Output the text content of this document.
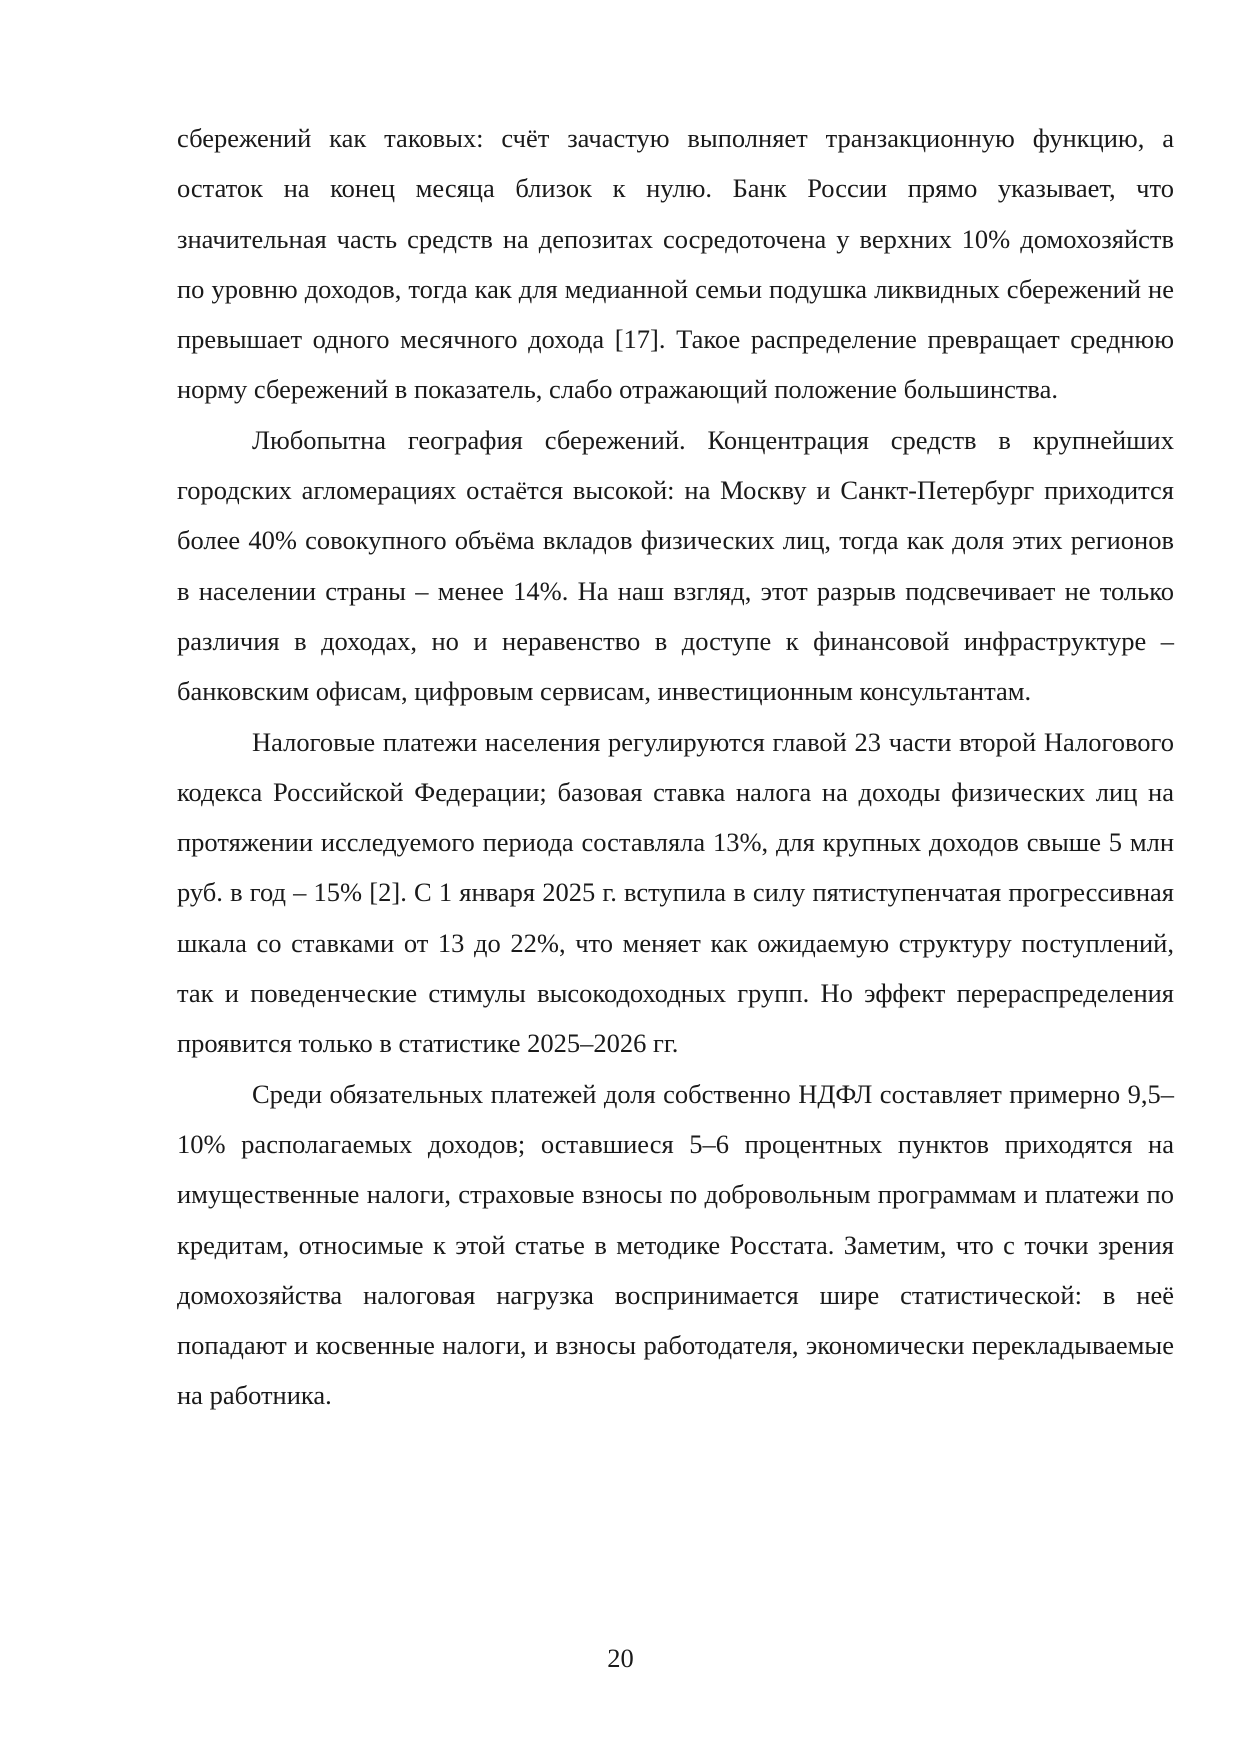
сбережений как таковых: счёт зачастую выполняет транзакционную функцию, а остаток на конец месяца близок к нулю. Банк России прямо указывает, что значительная часть средств на депозитах сосредоточена у верхних 10% домохозяйств по уровню доходов, тогда как для медианной семьи подушка ликвидных сбережений не превышает одного месячного дохода [17]. Такое распределение превращает среднюю норму сбережений в показатель, слабо отражающий положение большинства.

Любопытна география сбережений. Концентрация средств в крупнейших городских агломерациях остаётся высокой: на Москву и Санкт-Петербург приходится более 40% совокупного объёма вкладов физических лиц, тогда как доля этих регионов в населении страны – менее 14%. На наш взгляд, этот разрыв подсвечивает не только различия в доходах, но и неравенство в доступе к финансовой инфраструктуре – банковским офисам, цифровым сервисам, инвестиционным консультантам.

Налоговые платежи населения регулируются главой 23 части второй Налогового кодекса Российской Федерации; базовая ставка налога на доходы физических лиц на протяжении исследуемого периода составляла 13%, для крупных доходов свыше 5 млн руб. в год – 15% [2]. С 1 января 2025 г. вступила в силу пятиступенчатая прогрессивная шкала со ставками от 13 до 22%, что меняет как ожидаемую структуру поступлений, так и поведенческие стимулы высокодоходных групп. Но эффект перераспределения проявится только в статистике 2025–2026 гг.

Среди обязательных платежей доля собственно НДФЛ составляет примерно 9,5–10% располагаемых доходов; оставшиеся 5–6 процентных пунктов приходятся на имущественные налоги, страховые взносы по добровольным программам и платежи по кредитам, относимые к этой статье в методике Росстата. Заметим, что с точки зрения домохозяйства налоговая нагрузка воспринимается шире статистической: в неё попадают и косвенные налоги, и взносы работодателя, экономически перекладываемые на работника.

20
